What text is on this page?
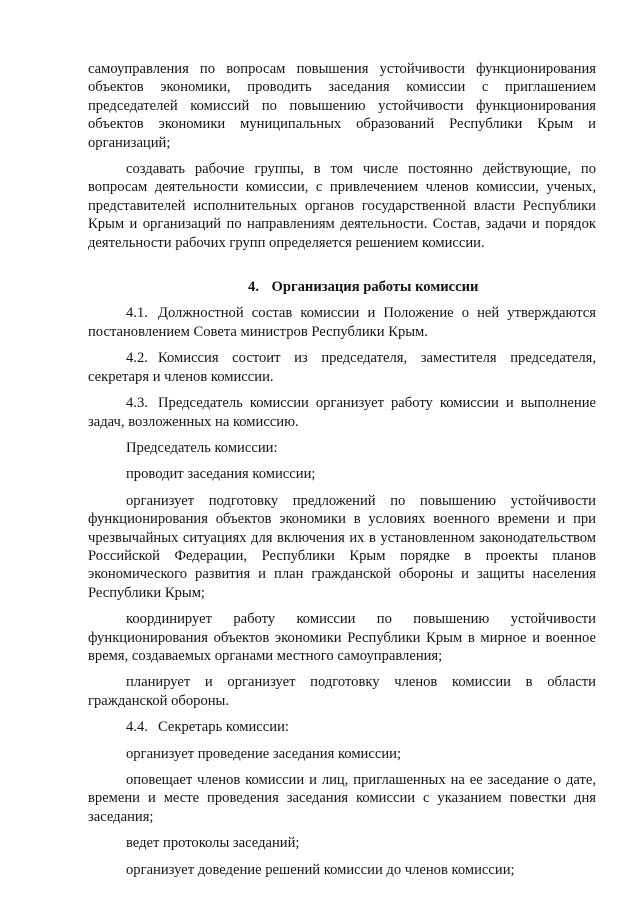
самоуправления по вопросам повышения устойчивости функционирования объектов экономики, проводить заседания комиссии с приглашением председателей комиссий по повышению устойчивости функционирования объектов экономики муниципальных образований Республики Крым и организаций;

создавать рабочие группы, в том числе постоянно действующие, по вопросам деятельности комиссии, с привлечением членов комиссии, ученых, представителей исполнительных органов государственной власти Республики Крым и организаций по направлениям деятельности. Состав, задачи и порядок деятельности рабочих групп определяется решением комиссии.

4. Организация работы комиссии

4.1. Должностной состав комиссии и Положение о ней утверждаются постановлением Совета министров Республики Крым.

4.2. Комиссия состоит из председателя, заместителя председателя, секретаря и членов комиссии.

4.3. Председатель комиссии организует работу комиссии и выполнение задач, возложенных на комиссию.

Председатель комиссии:

проводит заседания комиссии;

организует подготовку предложений по повышению устойчивости функционирования объектов экономики в условиях военного времени и при чрезвычайных ситуациях для включения их в установленном законодательством Российской Федерации, Республики Крым порядке в проекты планов экономического развития и план гражданской обороны и защиты населения Республики Крым;

координирует работу комиссии по повышению устойчивости функционирования объектов экономики Республики Крым в мирное и военное время, создаваемых органами местного самоуправления;

планирует и организует подготовку членов комиссии в области гражданской обороны.

4.4. Секретарь комиссии:

организует проведение заседания комиссии;

оповещает членов комиссии и лиц, приглашенных на ее заседание о дате, времени и месте проведения заседания комиссии с указанием повестки дня заседания;

ведет протоколы заседаний;

организует доведение решений комиссии до членов комиссии;
